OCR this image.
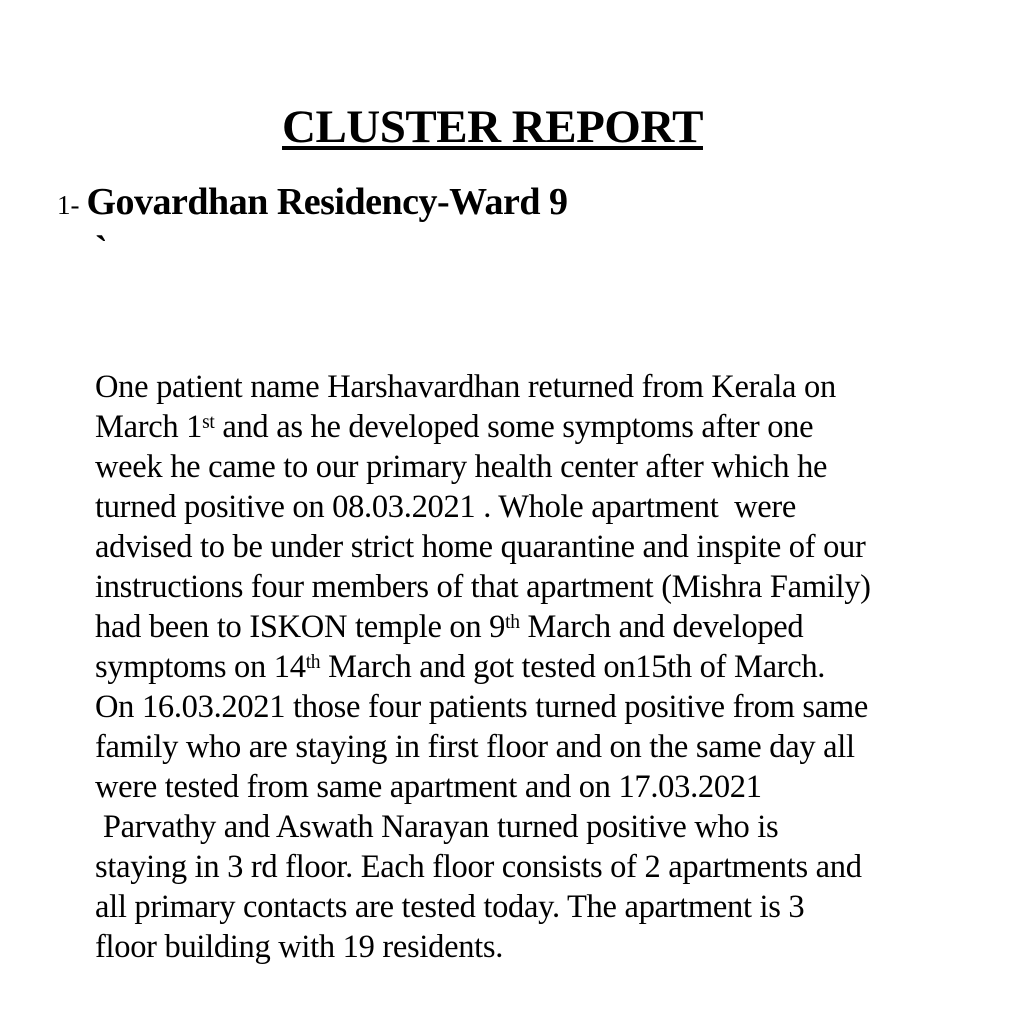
CLUSTER REPORT
1- Govardhan Residency-Ward 9
`
One patient name Harshavardhan returned from Kerala on
March 1st and as he developed some symptoms after one
week he came to our primary health center after which he
turned positive on 08.03.2021 . Whole apartment  were
advised to be under strict home quarantine and inspite of our
instructions four members of that apartment (Mishra Family)
had been to ISKON temple on 9th March and developed
symptoms on 14th March and got tested on15th of March.
On 16.03.2021 those four patients turned positive from same
family who are staying in first floor and on the same day all
were tested from same apartment and on 17.03.2021
Parvathy and Aswath Narayan turned positive who is
staying in 3 rd floor. Each floor consists of 2 apartments and
all primary contacts are tested today. The apartment is 3
floor building with 19 residents.
